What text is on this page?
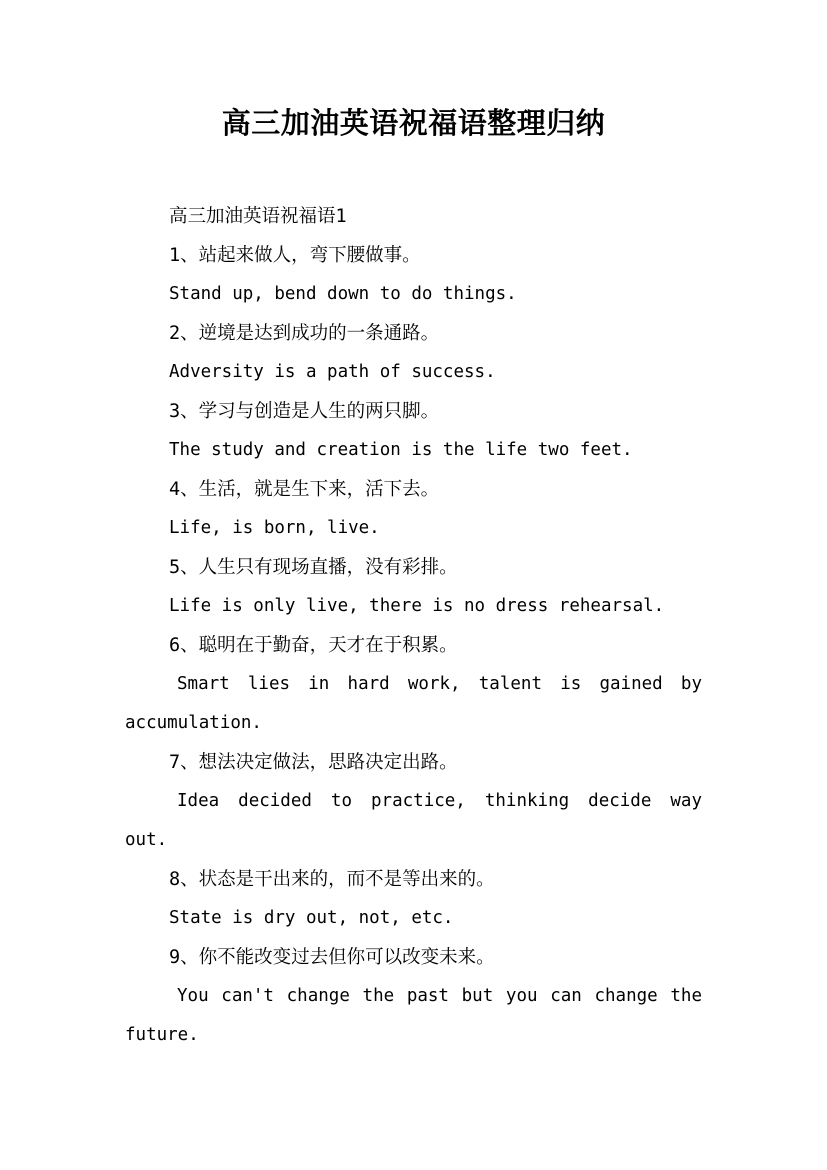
高三加油英语祝福语整理归纳
高三加油英语祝福语1
1、站起来做人，弯下腰做事。
Stand up, bend down to do things.
2、逆境是达到成功的一条通路。
Adversity is a path of success.
3、学习与创造是人生的两只脚。
The study and creation is the life two feet.
4、生活，就是生下来，活下去。
Life, is born, live.
5、人生只有现场直播，没有彩排。
Life is only live, there is no dress rehearsal.
6、聪明在于勤奋，天才在于积累。
Smart lies in hard work, talent is gained by accumulation.
7、想法决定做法，思路决定出路。
Idea decided to practice, thinking decide way out.
8、状态是干出来的，而不是等出来的。
State is dry out, not, etc.
9、你不能改变过去但你可以改变未来。
You can't change the past but you can change the future.
